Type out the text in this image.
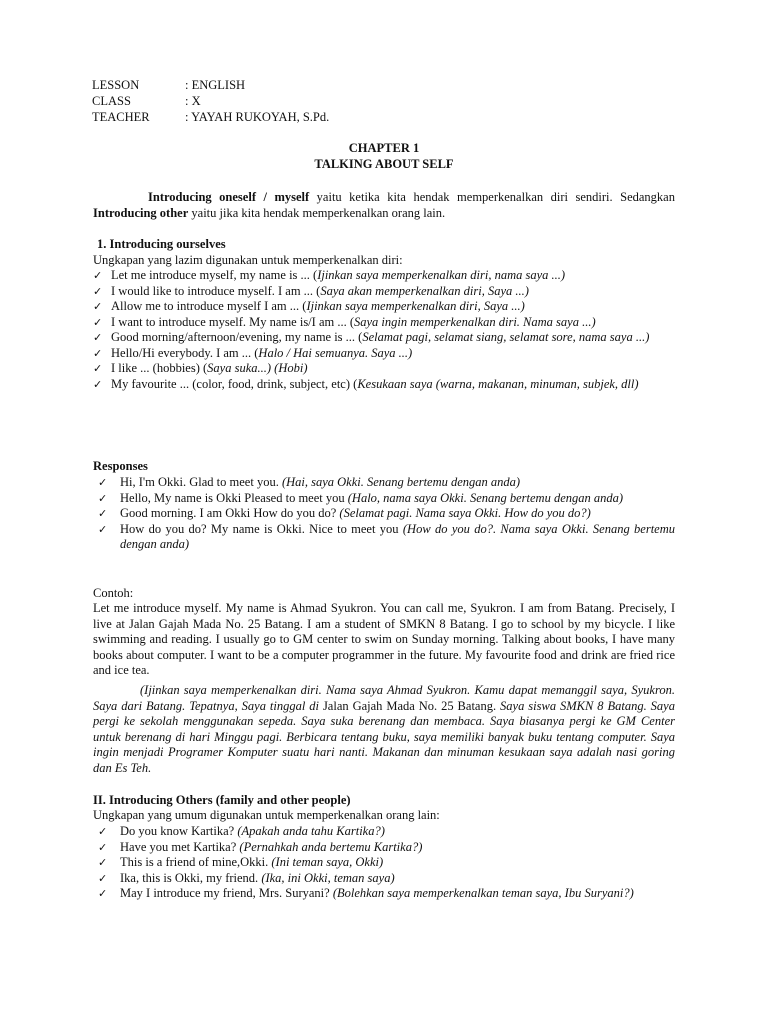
LESSON	: ENGLISH
CLASS	: X
TEACHER	: YAYAH RUKOYAH, S.Pd.
CHAPTER 1
TALKING ABOUT SELF
Introducing oneself / myself yaitu ketika kita hendak memperkenalkan diri sendiri. Sedangkan Introducing other yaitu jika kita hendak memperkenalkan orang lain.
1. Introducing ourselves
Ungkapan yang lazim digunakan untuk memperkenalkan diri:
✓ Let me introduce myself, my name is ... (Ijinkan saya memperkenalkan diri, nama saya ...)
✓ I would like to introduce myself. I am ... (Saya akan memperkenalkan diri, Saya ...)
✓ Allow me to introduce myself I am ... (Ijinkan saya memperkenalkan diri, Saya ...)
✓ I want to introduce myself. My name is/I am ... (Saya ingin memperkenalkan diri. Nama saya ...)
✓ Good morning/afternoon/evening, my name is ... (Selamat pagi, selamat siang, selamat sore, nama saya ...)
✓ Hello/Hi everybody. I am ... (Halo / Hai semuanya. Saya ...)
✓ I like ... (hobbies) (Saya suka...) (Hobi)
✓ My favourite ... (color, food, drink, subject, etc) (Kesukaan saya (warna, makanan, minuman, subjek, dll)
Responses
✓	Hi, I'm Okki. Glad to meet you. (Hai, saya Okki. Senang bertemu dengan anda)
✓	Hello, My name is Okki Pleased to meet you (Halo, nama saya Okki. Senang bertemu dengan anda)
✓	Good morning. I am Okki How do you do? (Selamat pagi. Nama saya Okki. How do you do?)
✓	How do you do? My name is Okki. Nice to meet you (How do you do?. Nama saya Okki. Senang bertemu dengan anda)
Contoh:
Let me introduce myself. My name is Ahmad Syukron. You can call me, Syukron. I am from Batang. Precisely, I live at Jalan Gajah Mada No. 25 Batang. I am a student of SMKN 8 Batang. I go to school by my bicycle. I like swimming and reading. I usually go to GM center to swim on Sunday morning. Talking about books, I have many books about computer. I want to be a computer programmer in the future. My favourite food and drink are fried rice and ice tea.
(Ijinkan saya memperkenalkan diri. Nama saya Ahmad Syukron. Kamu dapat memanggil saya, Syukron. Saya dari Batang. Tepatnya, Saya tinggal di Jalan Gajah Mada No. 25 Batang. Saya siswa SMKN 8 Batang. Saya pergi ke sekolah menggunakan sepeda. Saya suka berenang dan membaca. Saya biasanya pergi ke GM Center untuk berenang di hari Minggu pagi. Berbicara tentang buku, saya memiliki banyak buku tentang computer. Saya ingin menjadi Programer Komputer suatu hari nanti. Makanan dan minuman kesukaan saya adalah nasi goring dan Es Teh.
II. Introducing Others (family and other people)
Ungkapan yang umum digunakan untuk memperkenalkan orang lain:
✓	Do you know Kartika? (Apakah anda tahu Kartika?)
✓	Have you met Kartika? (Pernahkah anda bertemu Kartika?)
✓	This is a friend of mine,Okki. (Ini teman saya, Okki)
✓	Ika, this is Okki, my friend. (Ika, ini Okki, teman saya)
✓	May I introduce my friend, Mrs. Suryani? (Bolehkan saya memperkenalkan teman saya, Ibu Suryani?)
